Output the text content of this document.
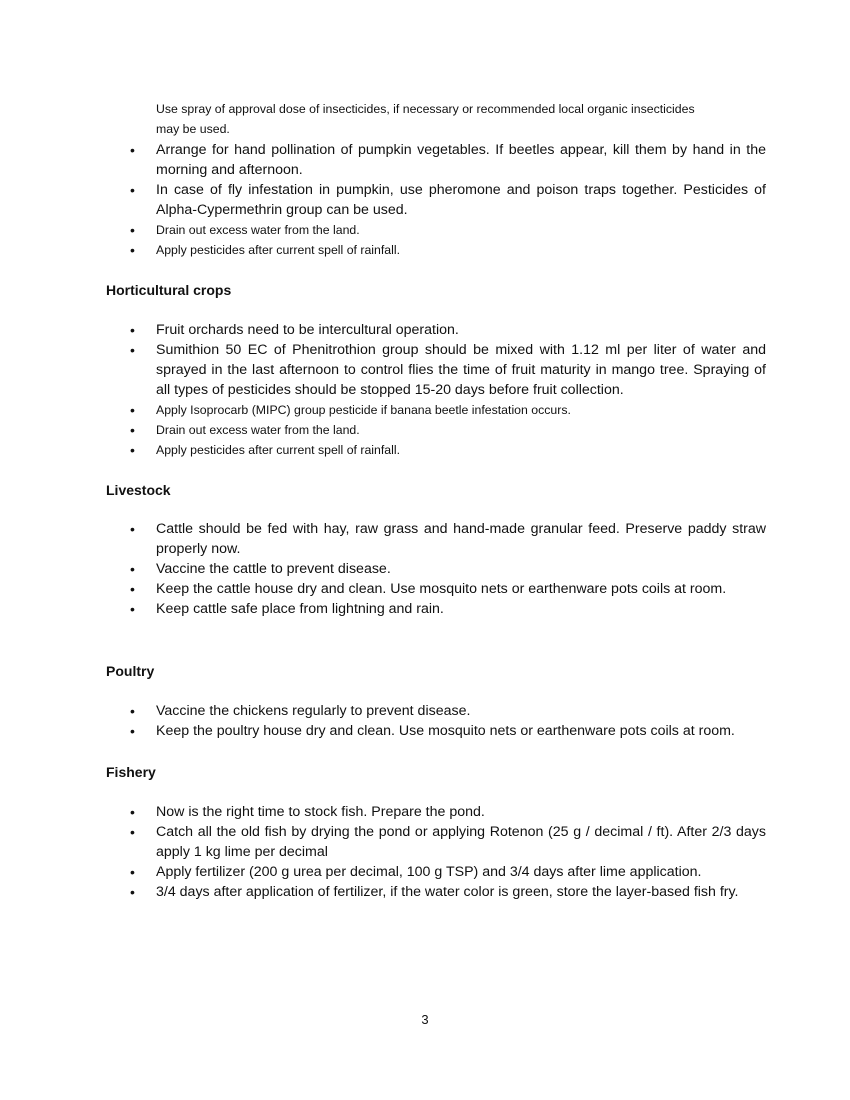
Use spray of approval dose of insecticides, if necessary or recommended local organic insecticides may be used.
• Arrange for hand pollination of pumpkin vegetables. If beetles appear, kill them by hand in the morning and afternoon.
• In case of fly infestation in pumpkin, use pheromone and poison traps together. Pesticides of Alpha-Cypermethrin group can be used.
• Drain out excess water from the land.
• Apply pesticides after current spell of rainfall.

Horticultural crops

• Fruit orchards need to be intercultural operation.
• Sumithion 50 EC of Phenitrothion group should be mixed with 1.12 ml per liter of water and sprayed in the last afternoon to control flies the time of fruit maturity in mango tree. Spraying of all types of pesticides should be stopped 15-20 days before fruit collection.
• Apply Isoprocarb (MIPC) group pesticide if banana beetle infestation occurs.
• Drain out excess water from the land.
• Apply pesticides after current spell of rainfall.

Livestock

• Cattle should be fed with hay, raw grass and hand-made granular feed. Preserve paddy straw properly now.
• Vaccine the cattle to prevent disease.
• Keep the cattle house dry and clean. Use mosquito nets or earthenware pots coils at room.
• Keep cattle safe place from lightning and rain.

Poultry

• Vaccine the chickens regularly to prevent disease.
• Keep the poultry house dry and clean. Use mosquito nets or earthenware pots coils at room.

Fishery

• Now is the right time to stock fish. Prepare the pond.
• Catch all the old fish by drying the pond or applying Rotenon (25 g / decimal / ft). After 2/3 days apply 1 kg lime per decimal
• Apply fertilizer (200 g urea per decimal, 100 g TSP) and 3/4 days after lime application.
• 3/4 days after application of fertilizer, if the water color is green, store the layer-based fish fry.
3
